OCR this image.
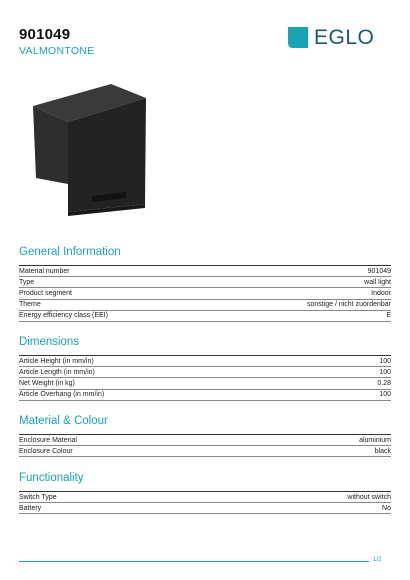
901049
VALMONTONE
EGLO
General Information
Material number	901049
Type	wall light
Product segment	Indoor
Theme	sonstige / nicht zuordenbar
Energy efficiency class (EEI)	E
Dimensions
Article Height (in mm/in)	100
Article Length (in mm/in)	100
Net Weight (in kg)	0.28
Article Overhang (in mm/in)	100
Material & Colour
Enclosure Material	aluminium
Enclosure Colour	black
Functionality
Switch Type	without switch
Battery	No
1/2
